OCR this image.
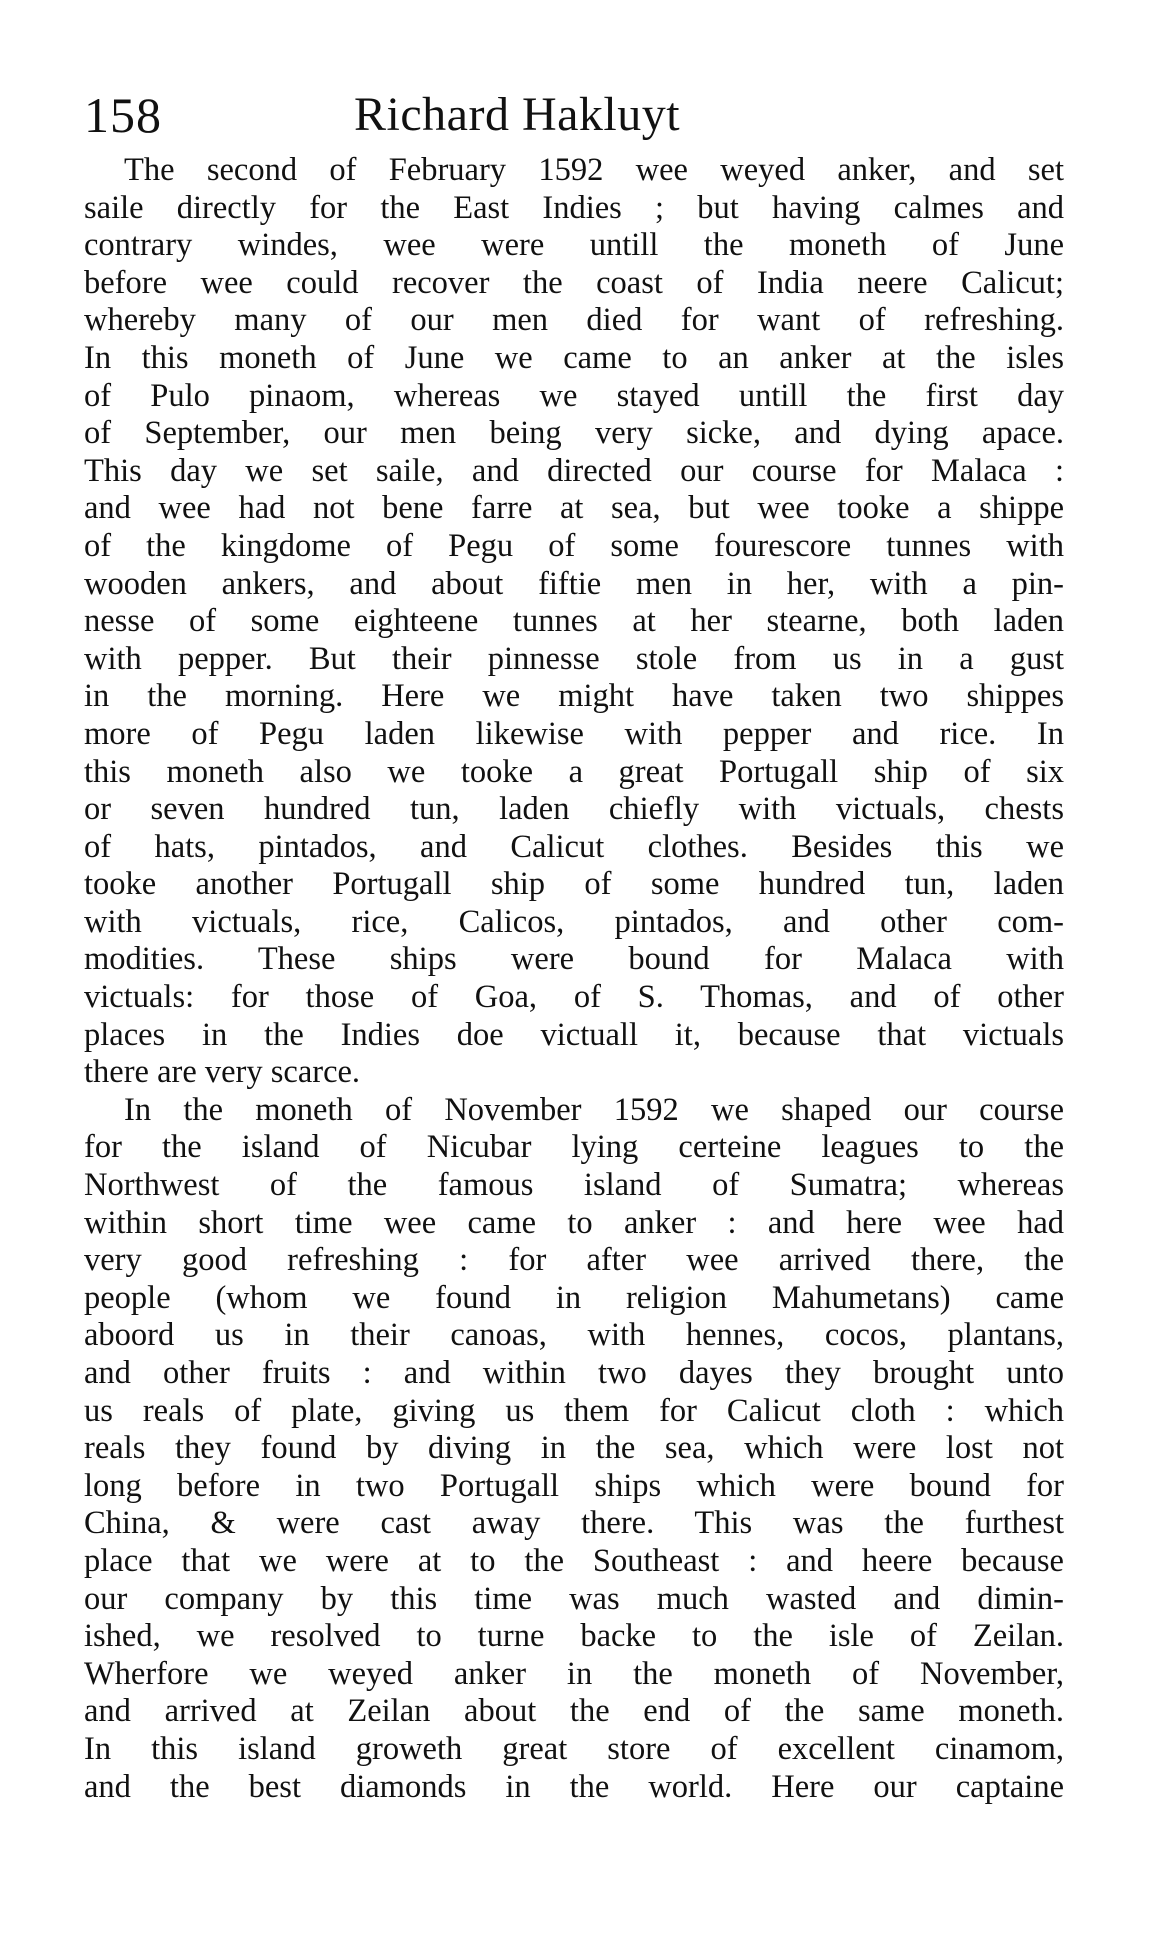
158	Richard Hakluyt
The second of February 1592 wee weyed anker, and set
saile directly for the East Indies ; but having calmes and
contrary windes, wee were untill the moneth of June
before wee could recover the coast of India neere Calicut;
whereby many of our men died for want of refreshing.
In this moneth of June we came to an anker at the isles
of Pulo pinaom, whereas we stayed untill the first day
of September, our men being very sicke, and dying apace.
This day we set saile, and directed our course for Malaca :
and wee had not bene farre at sea, but wee tooke a shippe
of the kingdome of Pegu of some fourescore tunnes with
wooden ankers, and about fiftie men in her, with a pin-
nesse of some eighteene tunnes at her stearne, both laden
with pepper. But their pinnesse stole from us in a gust
in the morning. Here we might have taken two shippes
more of Pegu laden likewise with pepper and rice. In
this moneth also we tooke a great Portugall ship of six
or seven hundred tun, laden chiefly with victuals, chests
of hats, pintados, and Calicut clothes. Besides this we
tooke another Portugall ship of some hundred tun, laden
with victuals, rice, Calicos, pintados, and other com-
modities. These ships were bound for Malaca with
victuals: for those of Goa, of S. Thomas, and of other
places in the Indies doe victuall it, because that victuals
there are very scarce.
In the moneth of November 1592 we shaped our course
for the island of Nicubar lying certeine leagues to the
Northwest of the famous island of Sumatra; whereas
within short time wee came to anker : and here wee had
very good refreshing : for after wee arrived there, the
people (whom we found in religion Mahumetans) came
aboord us in their canoas, with hennes, cocos, plantans,
and other fruits : and within two dayes they brought unto
us reals of plate, giving us them for Calicut cloth : which
reals they found by diving in the sea, which were lost not
long before in two Portugall ships which were bound for
China, & were cast away there. This was the furthest
place that we were at to the Southeast : and heere because
our company by this time was much wasted and dimin-
ished, we resolved to turne backe to the isle of Zeilan.
Wherfore we weyed anker in the moneth of November,
and arrived at Zeilan about the end of the same moneth.
In this island groweth great store of excellent cinamom,
and the best diamonds in the world. Here our captaine
